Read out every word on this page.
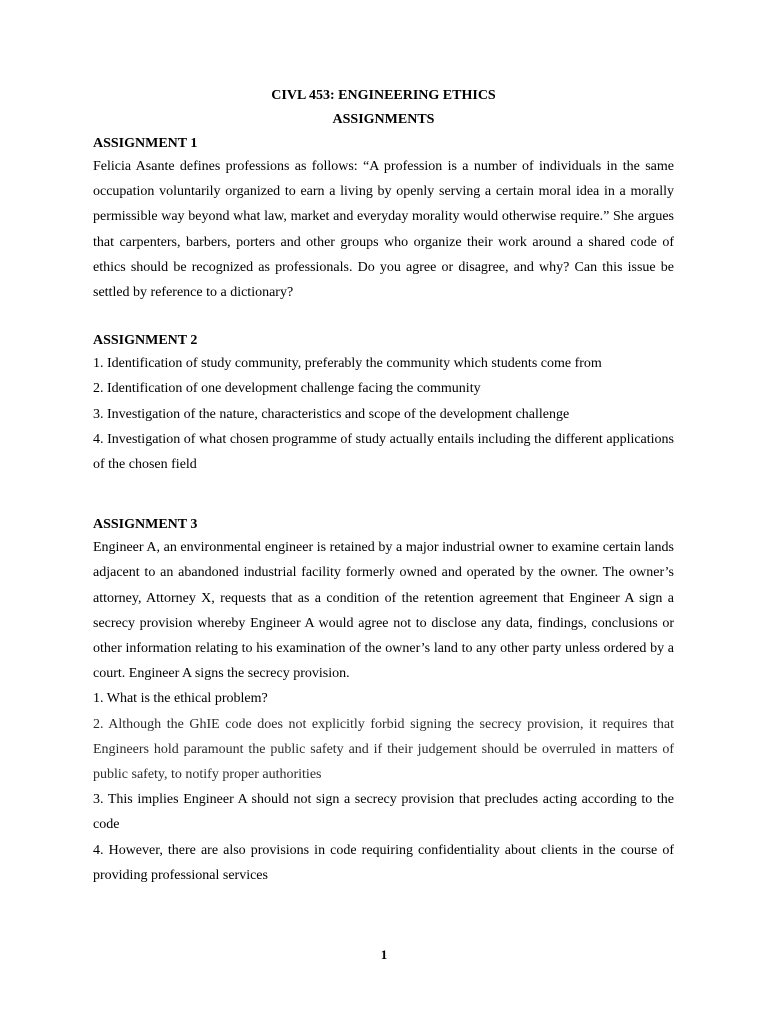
CIVL 453: ENGINEERING ETHICS
ASSIGNMENTS
ASSIGNMENT 1

Felicia Asante defines professions as follows: “A profession is a number of individuals in the same occupation voluntarily organized to earn a living by openly serving a certain moral idea in a morally permissible way beyond what law, market and everyday morality would otherwise require.” She argues that carpenters, barbers, porters and other groups who organize their work around a shared code of ethics should be recognized as professionals. Do you agree or disagree, and why? Can this issue be settled by reference to a dictionary?

ASSIGNMENT 2

1. Identification of study community, preferably the community which students come from

2. Identification of one development challenge facing the community

3. Investigation of the nature, characteristics and scope of the development challenge

4. Investigation of what chosen programme of study actually entails including the different applications of the chosen field

ASSIGNMENT 3

Engineer A, an environmental engineer is retained by a major industrial owner to examine certain lands adjacent to an abandoned industrial facility formerly owned and operated by the owner. The owner’s attorney, Attorney X, requests that as a condition of the retention agreement that Engineer A sign a secrecy provision whereby Engineer A would agree not to disclose any data, findings, conclusions or other information relating to his examination of the owner’s land to any other party unless ordered by a court. Engineer A signs the secrecy provision.

1. What is the ethical problem?

2. Although the GhIE code does not explicitly forbid signing the secrecy provision, it requires that Engineers hold paramount the public safety and if their judgement should be overruled in matters of public safety, to notify proper authorities

3. This implies Engineer A should not sign a secrecy provision that precludes acting according to the code

4. However, there are also provisions in code requiring confidentiality about clients in the course of providing professional services

1
